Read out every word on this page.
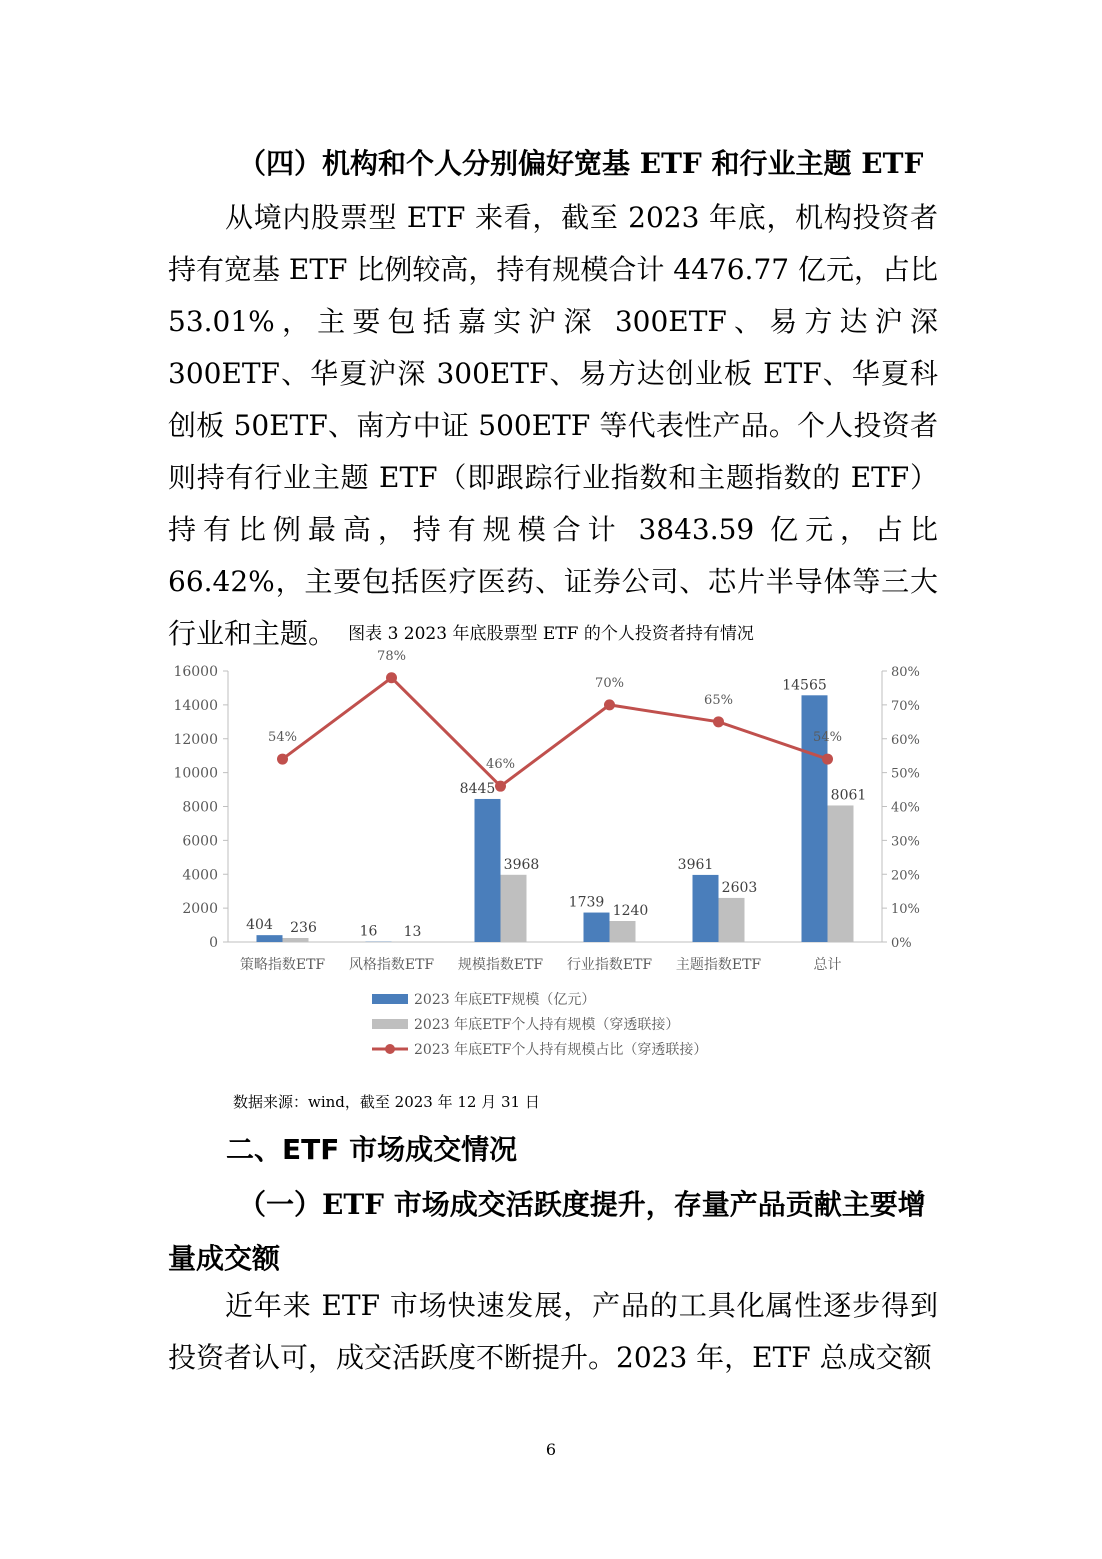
（四）机构和个人分别偏好宽基 ETF 和行业主题 ETF

从境内股票型 ETF 来看，截至 2023 年底，机构投资者持有宽基 ETF 比例较高，持有规模合计 4476.77 亿元，占比 53.01%，主要包括嘉实沪深 300ETF、易方达沪深 300ETF、华夏沪深 300ETF、易方达创业板 ETF、华夏科创板 50ETF、南方中证 500ETF 等代表性产品。个人投资者则持有行业主题 ETF（即跟踪行业指数和主题指数的 ETF）持有比例最高，持有规模合计 3843.59 亿元，占比 66.42%，主要包括医疗医药、证券公司、芯片半导体等三大行业和主题。 图表 3 2023 年底股票型 ETF 的个人投资者持有情况
0
2000
4000
6000
8000
10000
12000
14000
16000
0%
10%
20%
30%
40%
50%
60%
70%
80%
策略指数ETF 风格指数ETF 规模指数ETF 行业指数ETF 主题指数ETF	总计
404	16
8445
1739
3961
14565
236	13
3968
1240
2603
8061
54%
78%
46%
70%
65%
54%
2023 年底ETF规模（亿元）
2023 年底ETF个人持有规模（穿透联接）
2023 年底ETF个人持有规模占比（穿透联接）
数据来源：wind，截至 2023 年 12 月 31 日
二、ETF 市场成交情况

（一）ETF 市场成交活跃度提升，存量产品贡献主要增量成交额

近年来 ETF 市场快速发展，产品的工具化属性逐步得到投资者认可，成交活跃度不断提升。2023 年，ETF 总成交额

6
